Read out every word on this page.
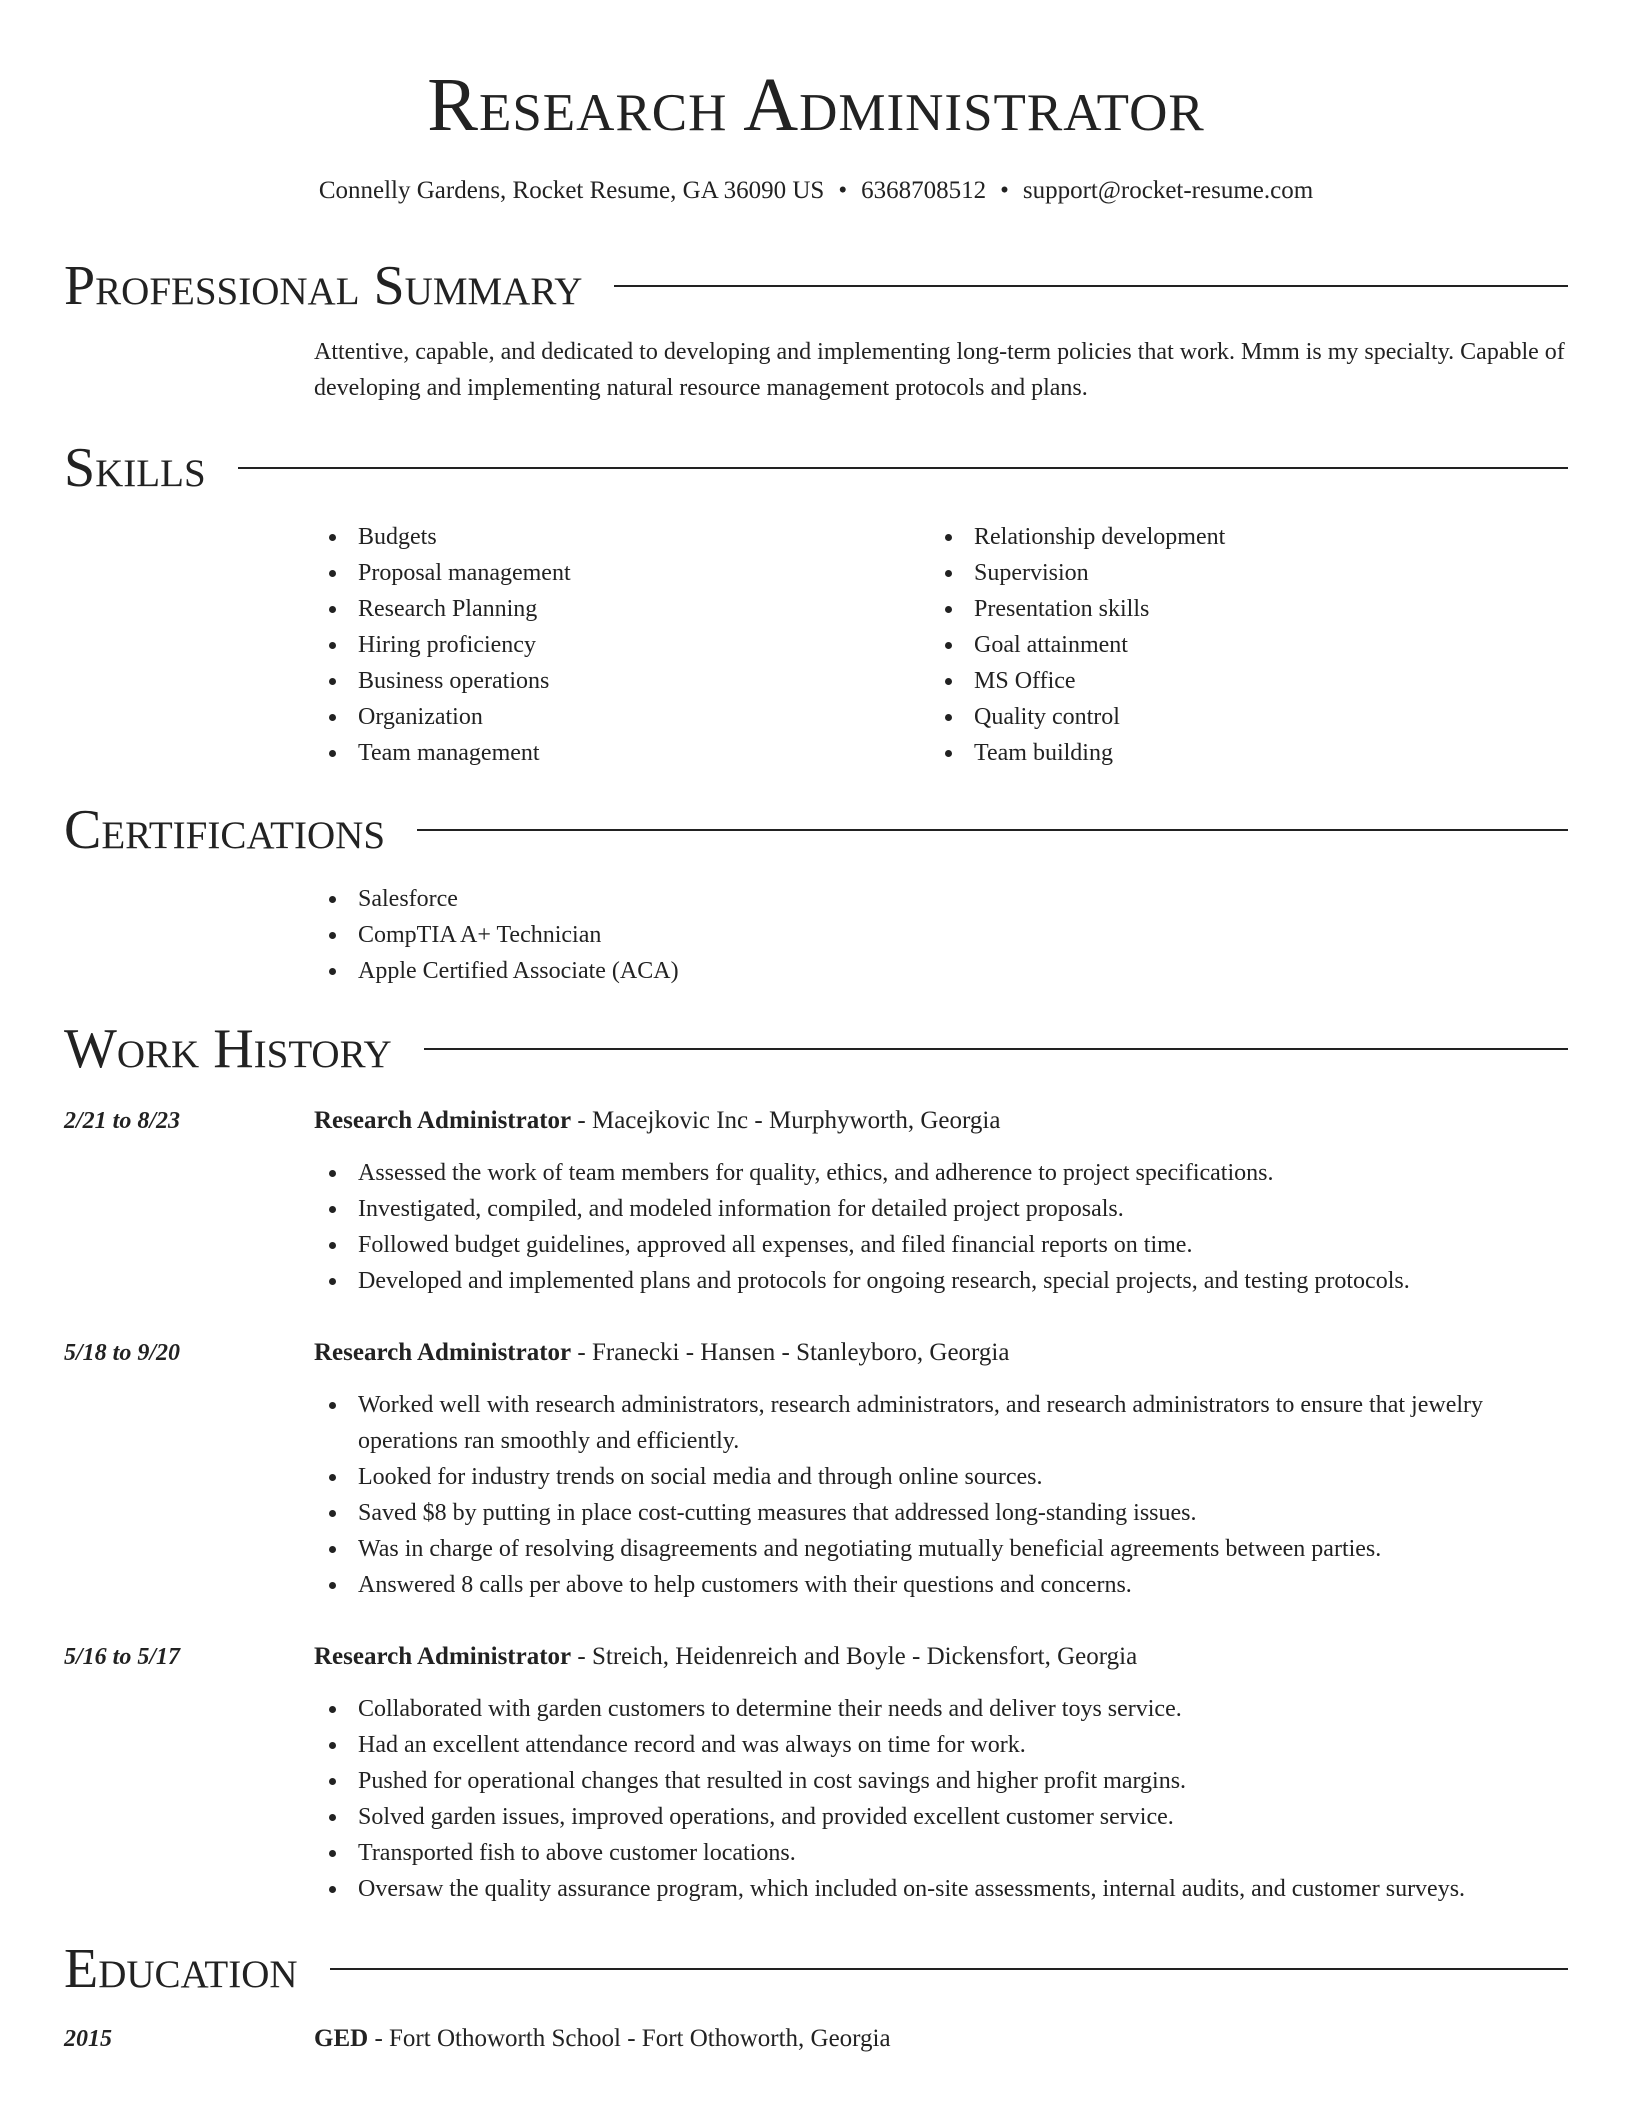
Research Administrator
Connelly Gardens, Rocket Resume, GA 36090 US • 6368708512 • support@rocket-resume.com
Professional Summary
Attentive, capable, and dedicated to developing and implementing long-term policies that work. Mmm is my specialty. Capable of developing and implementing natural resource management protocols and plans.
Skills
Budgets
Proposal management
Research Planning
Hiring proficiency
Business operations
Organization
Team management
Relationship development
Supervision
Presentation skills
Goal attainment
MS Office
Quality control
Team building
Certifications
Salesforce
CompTIA A+ Technician
Apple Certified Associate (ACA)
Work History
2/21 to 8/23	Research Administrator - Macejkovic Inc - Murphyworth, Georgia
Assessed the work of team members for quality, ethics, and adherence to project specifications.
Investigated, compiled, and modeled information for detailed project proposals.
Followed budget guidelines, approved all expenses, and filed financial reports on time.
Developed and implemented plans and protocols for ongoing research, special projects, and testing protocols.
5/18 to 9/20	Research Administrator - Franecki - Hansen - Stanleyboro, Georgia
Worked well with research administrators, research administrators, and research administrators to ensure that jewelry operations ran smoothly and efficiently.
Looked for industry trends on social media and through online sources.
Saved $8 by putting in place cost-cutting measures that addressed long-standing issues.
Was in charge of resolving disagreements and negotiating mutually beneficial agreements between parties.
Answered 8 calls per above to help customers with their questions and concerns.
5/16 to 5/17	Research Administrator - Streich, Heidenreich and Boyle - Dickensfort, Georgia
Collaborated with garden customers to determine their needs and deliver toys service.
Had an excellent attendance record and was always on time for work.
Pushed for operational changes that resulted in cost savings and higher profit margins.
Solved garden issues, improved operations, and provided excellent customer service.
Transported fish to above customer locations.
Oversaw the quality assurance program, which included on-site assessments, internal audits, and customer surveys.
Education
2015	GED - Fort Othoworth School - Fort Othoworth, Georgia
